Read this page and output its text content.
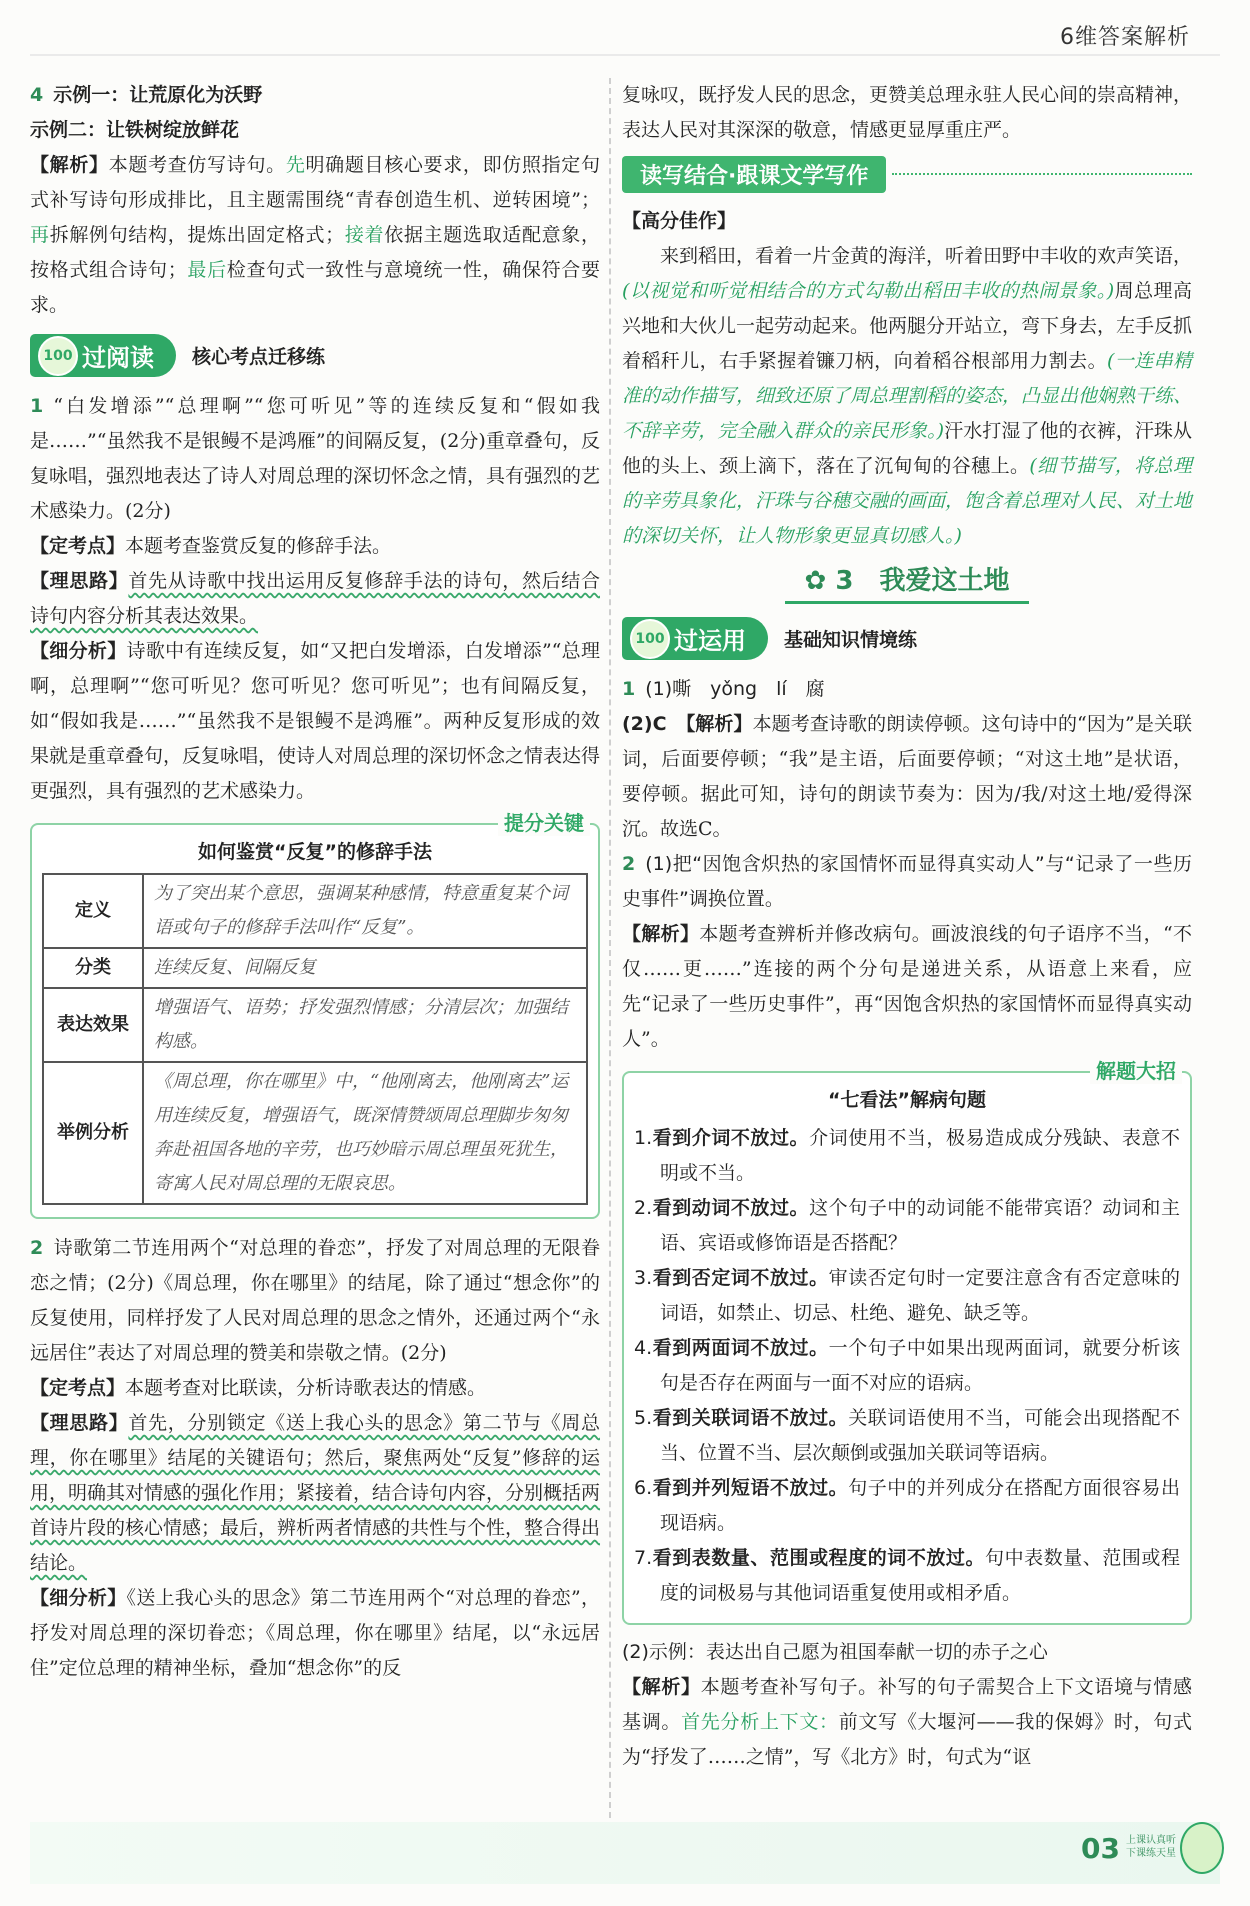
6维答案解析

4 示例一：让荒原化为沃野

示例二：让铁树绽放鲜花

【解析】本题考查仿写诗句。先明确题目核心要求，即仿照指定句式补写诗句形成排比，且主题需围绕“青春创造生机、逆转困境”；再拆解例句结构，提炼出固定格式；接着依据主题选取适配意象，按格式组合诗句；最后检查句式一致性与意境统一性，确保符合要求。

100 过阅读	核心考点迁移练

1 “白发增添”“总理啊”“您可听见”等的连续反复和“假如我是……”“虽然我不是银鳗不是鸿雁”的间隔反复，(2分)重章叠句，反复咏唱，强烈地表达了诗人对周总理的深切怀念之情，具有强烈的艺术感染力。(2分)

【定考点】本题考查鉴赏反复的修辞手法。

【理思路】首先从诗歌中找出运用反复修辞手法的诗句，然后结合诗句内容分析其表达效果。

【细分析】诗歌中有连续反复，如“又把白发增添，白发增添”“总理啊，总理啊”“您可听见？您可听见？您可听见”；也有间隔反复，如“假如我是……”“虽然我不是银鳗不是鸿雁”。两种反复形成的效果就是重章叠句，反复咏唱，使诗人对周总理的深切怀念之情表达得更强烈，具有强烈的艺术感染力。

提分关键
如何鉴赏“反复”的修辞手法
定义	为了突出某个意思，强调某种感情，特意重复某个词语或句子的修辞手法叫作“反复”。
分类	连续反复、间隔反复
表达效果	增强语气、语势；抒发强烈情感；分清层次；加强结构感。
举例分析	《周总理，你在哪里》中，“他刚离去，他刚离去”运用连续反复，增强语气，既深情赞颂周总理脚步匆匆奔赴祖国各地的辛劳，也巧妙暗示周总理虽死犹生，寄寓人民对周总理的无限哀思。

2 诗歌第二节连用两个“对总理的眷恋”，抒发了对周总理的无限眷恋之情；(2分)《周总理，你在哪里》的结尾，除了通过“想念你”的反复使用，同样抒发了人民对周总理的思念之情外，还通过两个“永远居住”表达了对周总理的赞美和崇敬之情。(2分)

【定考点】本题考查对比联读，分析诗歌表达的情感。

【理思路】首先，分别锁定《送上我心头的思念》第二节与《周总理，你在哪里》结尾的关键语句；然后，聚焦两处“反复”修辞的运用，明确其对情感的强化作用；紧接着，结合诗句内容，分别概括两首诗片段的核心情感；最后，辨析两者情感的共性与个性，整合得出结论。

【细分析】《送上我心头的思念》第二节连用两个“对总理的眷恋”，抒发对周总理的深切眷恋；《周总理，你在哪里》结尾，以“永远居住”定位总理的精神坐标，叠加“想念你”的反

复咏叹，既抒发人民的思念，更赞美总理永驻人民心间的崇高精神，表达人民对其深深的敬意，情感更显厚重庄严。

读写结合·跟课文学写作

【高分佳作】

来到稻田，看着一片金黄的海洋，听着田野中丰收的欢声笑语，(以视觉和听觉相结合的方式勾勒出稻田丰收的热闹景象。)周总理高兴地和大伙儿一起劳动起来。他两腿分开站立，弯下身去，左手反抓着稻秆儿，右手紧握着镰刀柄，向着稻谷根部用力割去。(一连串精准的动作描写，细致还原了周总理割稻的姿态，凸显出他娴熟干练、不辞辛劳，完全融入群众的亲民形象。)汗水打湿了他的衣裤，汗珠从他的头上、颈上滴下，落在了沉甸甸的谷穗上。(细节描写，将总理的辛劳具象化，汗珠与谷穗交融的画面，饱含着总理对人民、对土地的深切关怀，让人物形象更显真切感人。)

✿ 3　 我爱这土地
100 过运用	基础知识情境练

1 (1)嘶　yǒng　lí　腐

(2)C　 【解析】本题考查诗歌的朗读停顿。这句诗中的“因为”是关联词，后面要停顿；“我”是主语，后面要停顿；“对这土地”是状语，要停顿。据此可知，诗句的朗读节奏为：因为/我/对这土地/爱得深沉。故选C。

2 (1)把“因饱含炽热的家国情怀而显得真实动人”与“记录了一些历史事件”调换位置。

【解析】本题考查辨析并修改病句。画波浪线的句子语序不当，“不仅……更……”连接的两个分句是递进关系，从语意上来看，应先“记录了一些历史事件”，再“因饱含炽热的家国情怀而显得真实动人”。

解题大招
“七看法”解病句题

1.看到介词不放过。介词使用不当，极易造成成分残缺、表意不明或不当。

2.看到动词不放过。这个句子中的动词能不能带宾语？动词和主语、宾语或修饰语是否搭配？

3.看到否定词不放过。审读否定句时一定要注意含有否定意味的词语，如禁止、切忌、杜绝、避免、缺乏等。

4.看到两面词不放过。一个句子中如果出现两面词，就要分析该句是否存在两面与一面不对应的语病。

5.看到关联词语不放过。关联词语使用不当，可能会出现搭配不当、位置不当、层次颠倒或强加关联词等语病。

6.看到并列短语不放过。句子中的并列成分在搭配方面很容易出现语病。

7.看到表数量、范围或程度的词不放过。句中表数量、范围或程度的词极易与其他词语重复使用或相矛盾。

(2)示例：表达出自己愿为祖国奉献一切的赤子之心

【解析】本题考查补写句子。补写的句子需契合上下文语境与情感基调。首先分析上下文：前文写《大堰河——我的保姆》时，句式为“抒发了……之情”，写《北方》时，句式为“讴

03 上课认真听
下课练天星
